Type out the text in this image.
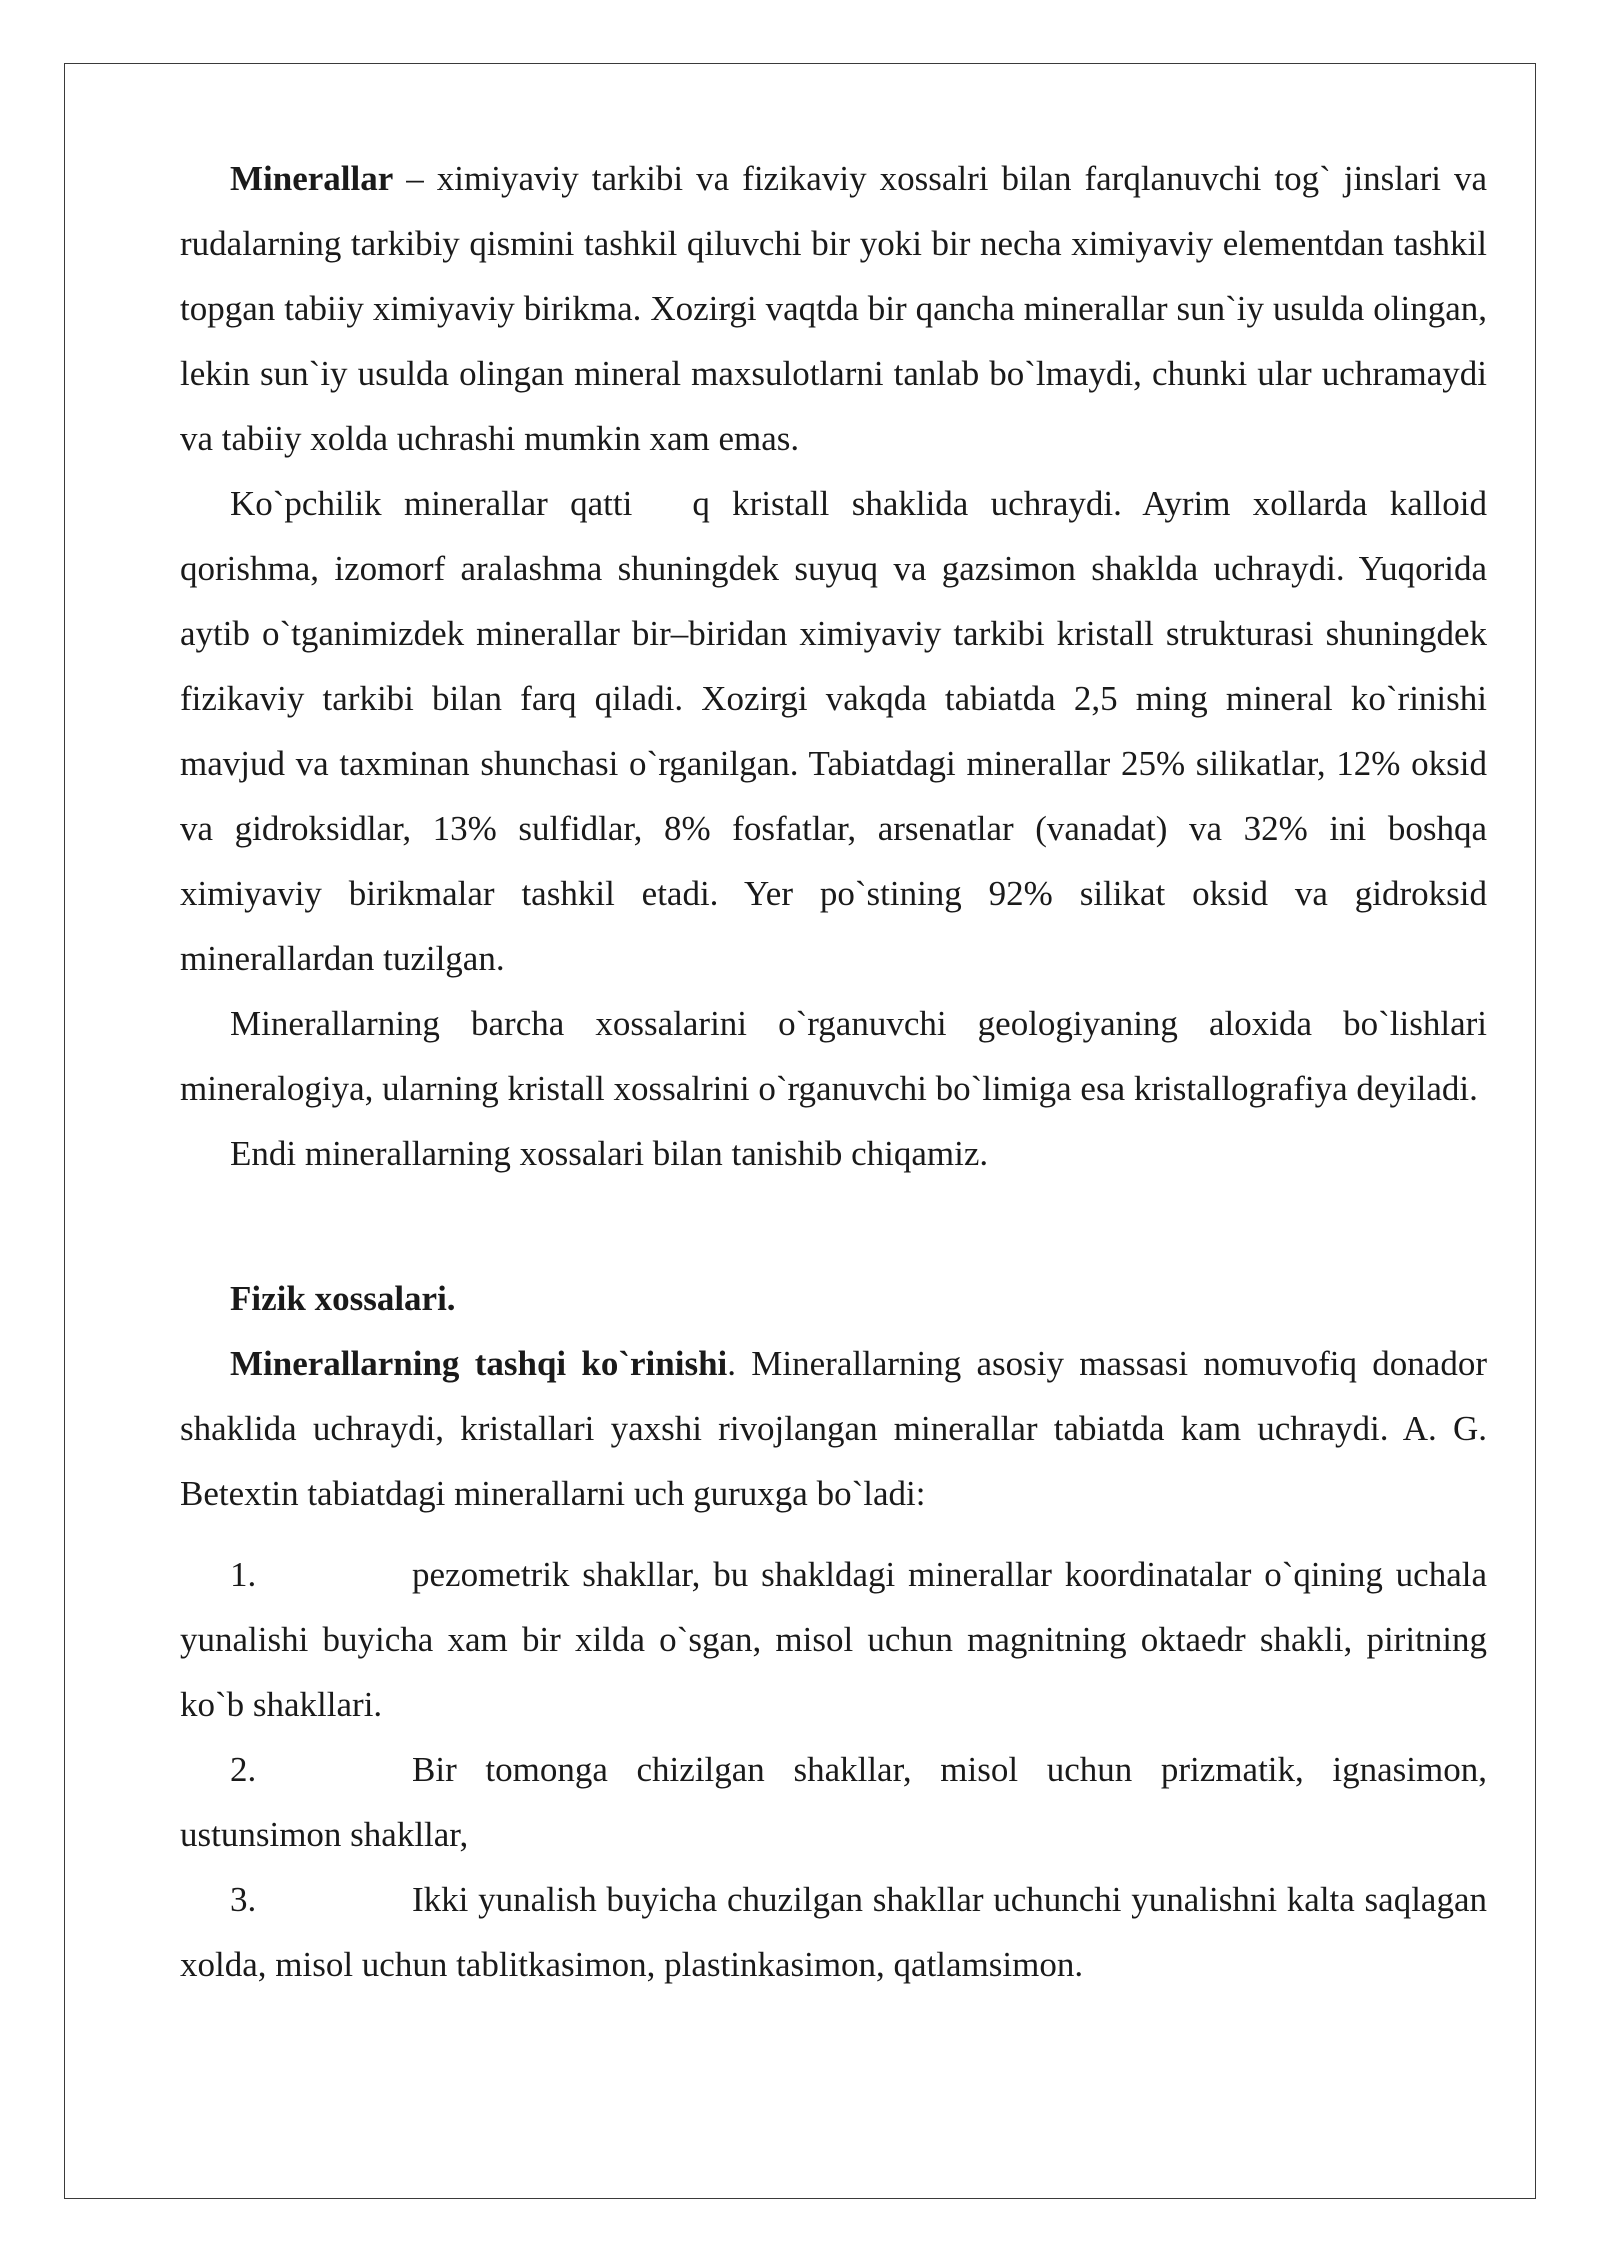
Minerallar – ximiyaviy tarkibi va fizikaviy xossalri bilan farqlanuvchi tog` jinslari va rudalarning tarkibiy qismini tashkil qiluvchi bir yoki bir necha ximiyaviy elementdan tashkil topgan tabiiy ximiyaviy birikma. Xozirgi vaqtda bir qancha minerallar sun`iy usulda olingan, lekin sun`iy usulda olingan mineral maxsulotlarni tanlab bo`lmaydi, chunki ular uchramaydi va tabiiy xolda uchrashi mumkin xam emas.

Ko`pchilik minerallar qatti q kristall shaklida uchraydi. Ayrim xollarda kalloid qorishma, izomorf aralashma shuningdek suyuq va gazsimon shaklda uchraydi. Yuqorida aytib o`tganimizdek minerallar bir–biridan ximiyaviy tarkibi kristall strukturasi shuningdek fizikaviy tarkibi bilan farq qiladi. Xozirgi vakqda tabiatda 2,5 ming mineral ko`rinishi mavjud va taxminan shunchasi o`rganilgan. Tabiatdagi minerallar 25% silikatlar, 12% oksid va gidroksidlar, 13% sulfidlar, 8% fosfatlar, arsenatlar (vanadat) va 32% ini boshqa ximiyaviy birikmalar tashkil etadi. Yer po`stining 92% silikat oksid va gidroksid minerallardan tuzilgan.

Minerallarning barcha xossalarini o`rganuvchi geologiyaning aloxida bo`lishlari mineralogiya, ularning kristall xossalrini o`rganuvchi bo`limiga esa kristallografiya deyiladi.

Endi minerallarning xossalari bilan tanishib chiqamiz.

Fizik xossalari.

Minerallarning tashqi ko`rinishi. Minerallarning asosiy massasi nomuvofiq donador shaklida uchraydi, kristallari yaxshi rivojlangan minerallar tabiatda kam uchraydi. A. G. Betextin tabiatdagi minerallarni uch guruxga bo`ladi:

1.	pezometrik shakllar, bu shakldagi minerallar koordinatalar o`qining uchala yunalishi buyicha xam bir xilda o`sgan, misol uchun magnitning oktaedr shakli, piritning ko`b shakllari.

2.	Bir tomonga chizilgan shakllar, misol uchun prizmatik, ignasimon, ustunsimon shakllar,

3.	Ikki yunalish buyicha chuzilgan shakllar uchunchi yunalishni kalta saqlagan xolda, misol uchun tablitkasimon, plastinkasimon, qatlamsimon.
